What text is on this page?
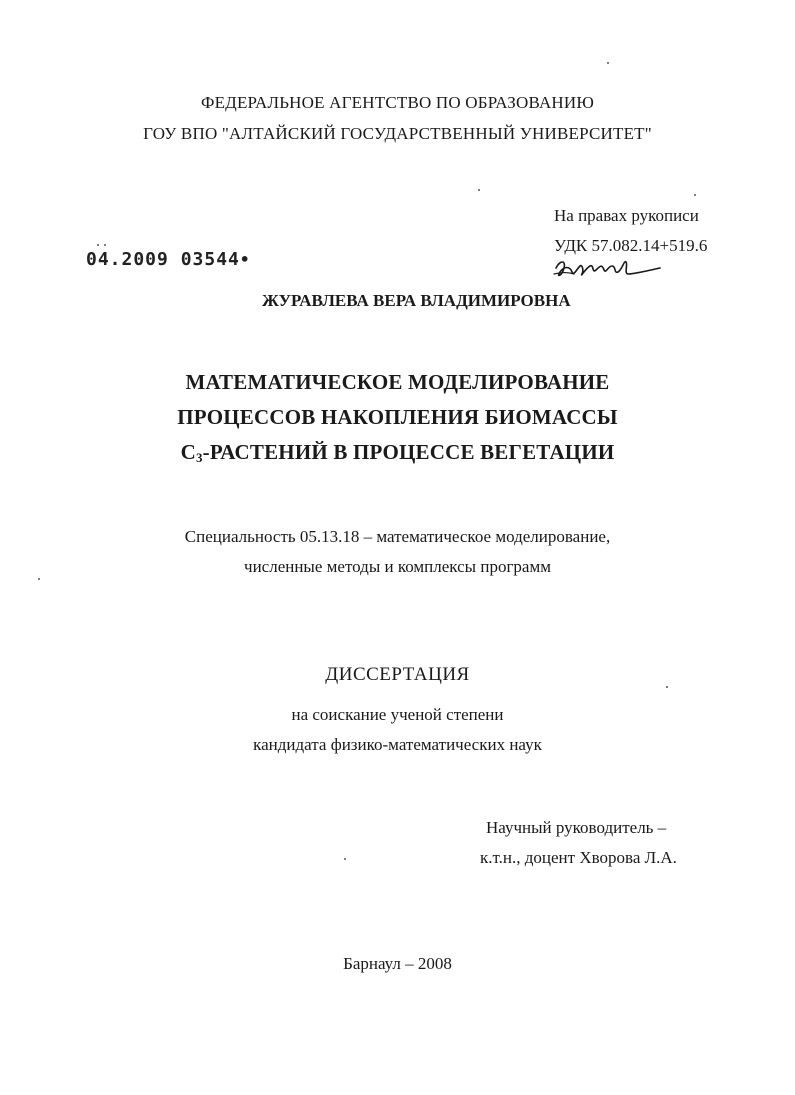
ФЕДЕРАЛЬНОЕ АГЕНТСТВО ПО ОБРАЗОВАНИЮ
ГОУ ВПО "АЛТАЙСКИЙ ГОСУДАРСТВЕННЫЙ УНИВЕРСИТЕТ"
На правах рукописи
УДК 57.082.14+519.6
04.2009 03544•
ЖУРАВЛЕВА ВЕРА ВЛАДИМИРОВНА
МАТЕМАТИЧЕСКОЕ МОДЕЛИРОВАНИЕ
ПРОЦЕССОВ НАКОПЛЕНИЯ БИОМАССЫ
$С_3$-РАСТЕНИЙ В ПРОЦЕССЕ ВЕГЕТАЦИИ
Специальность 05.13.18 – математическое моделирование,
численные методы и комплексы программ
ДИССЕРТАЦИЯ
на соискание ученой степени
кандидата физико-математических наук
Научный руководитель –
к.т.н., доцент Хворова Л.А.
Барнаул – 2008
